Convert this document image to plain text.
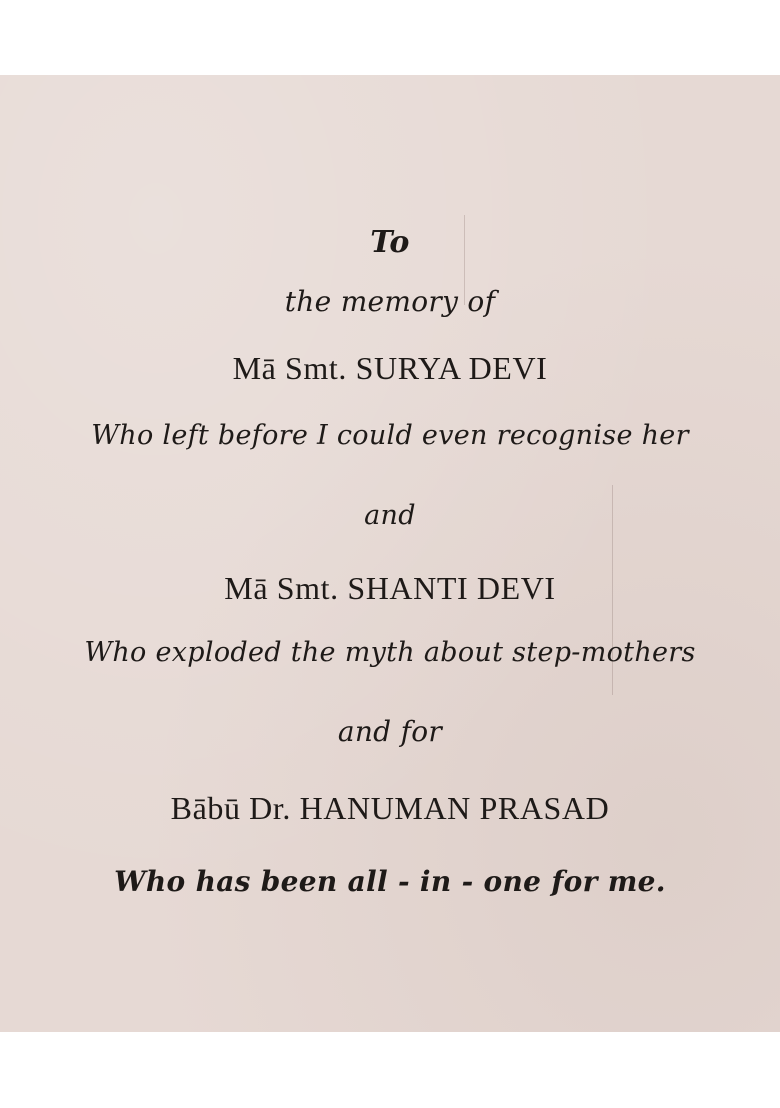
To
the memory of
Mā Smt. SURYA DEVI
Who left before I could even recognise her
and
Mā Smt. SHANTI DEVI
Who exploded the myth about step-mothers
and for
Bābū Dr. HANUMAN PRASAD
Who has been all - in - one for me.
